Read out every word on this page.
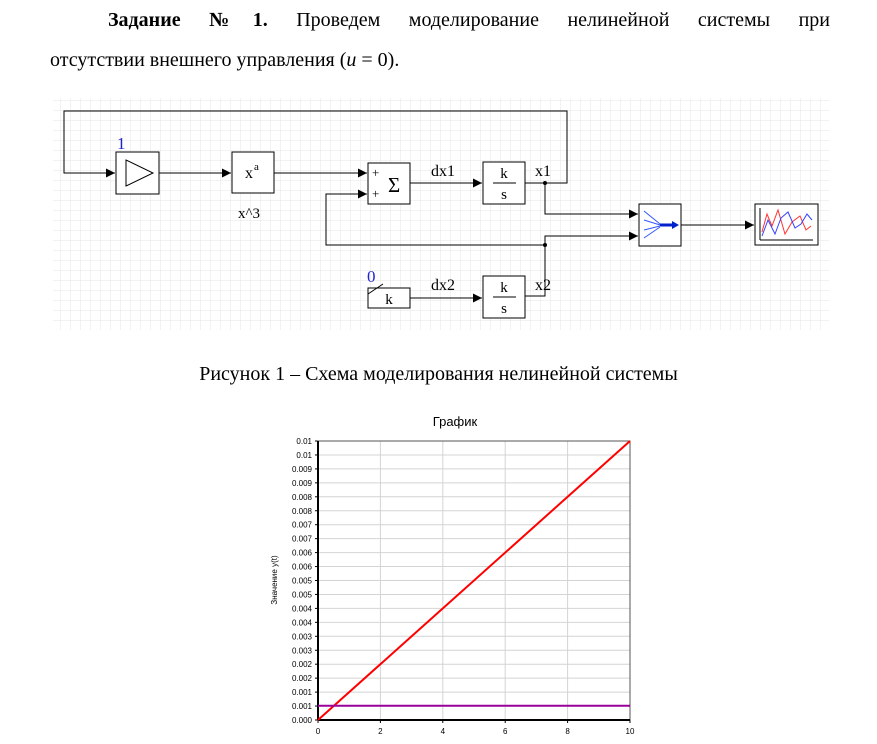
Задание №1. Проведем моделирование нелинейной системы при
отсутствии внешнего управления (u = 0).
1
x a
x^3
+
+ Σ	k
s
dx1	x1
0
k
k
s
dx2	x2
Рисунок 1 – Схема моделирования нелинейной системы
График
Значение y(t)
0.000
0.001
0.001
0.002
0.002
0.003
0.003
0.004
0.004
0.005
0.005
0.006
0.006
0.007
0.007
0.008
0.008
0.009
0.009
0.01
0.01
0	2	4	6	8	10
